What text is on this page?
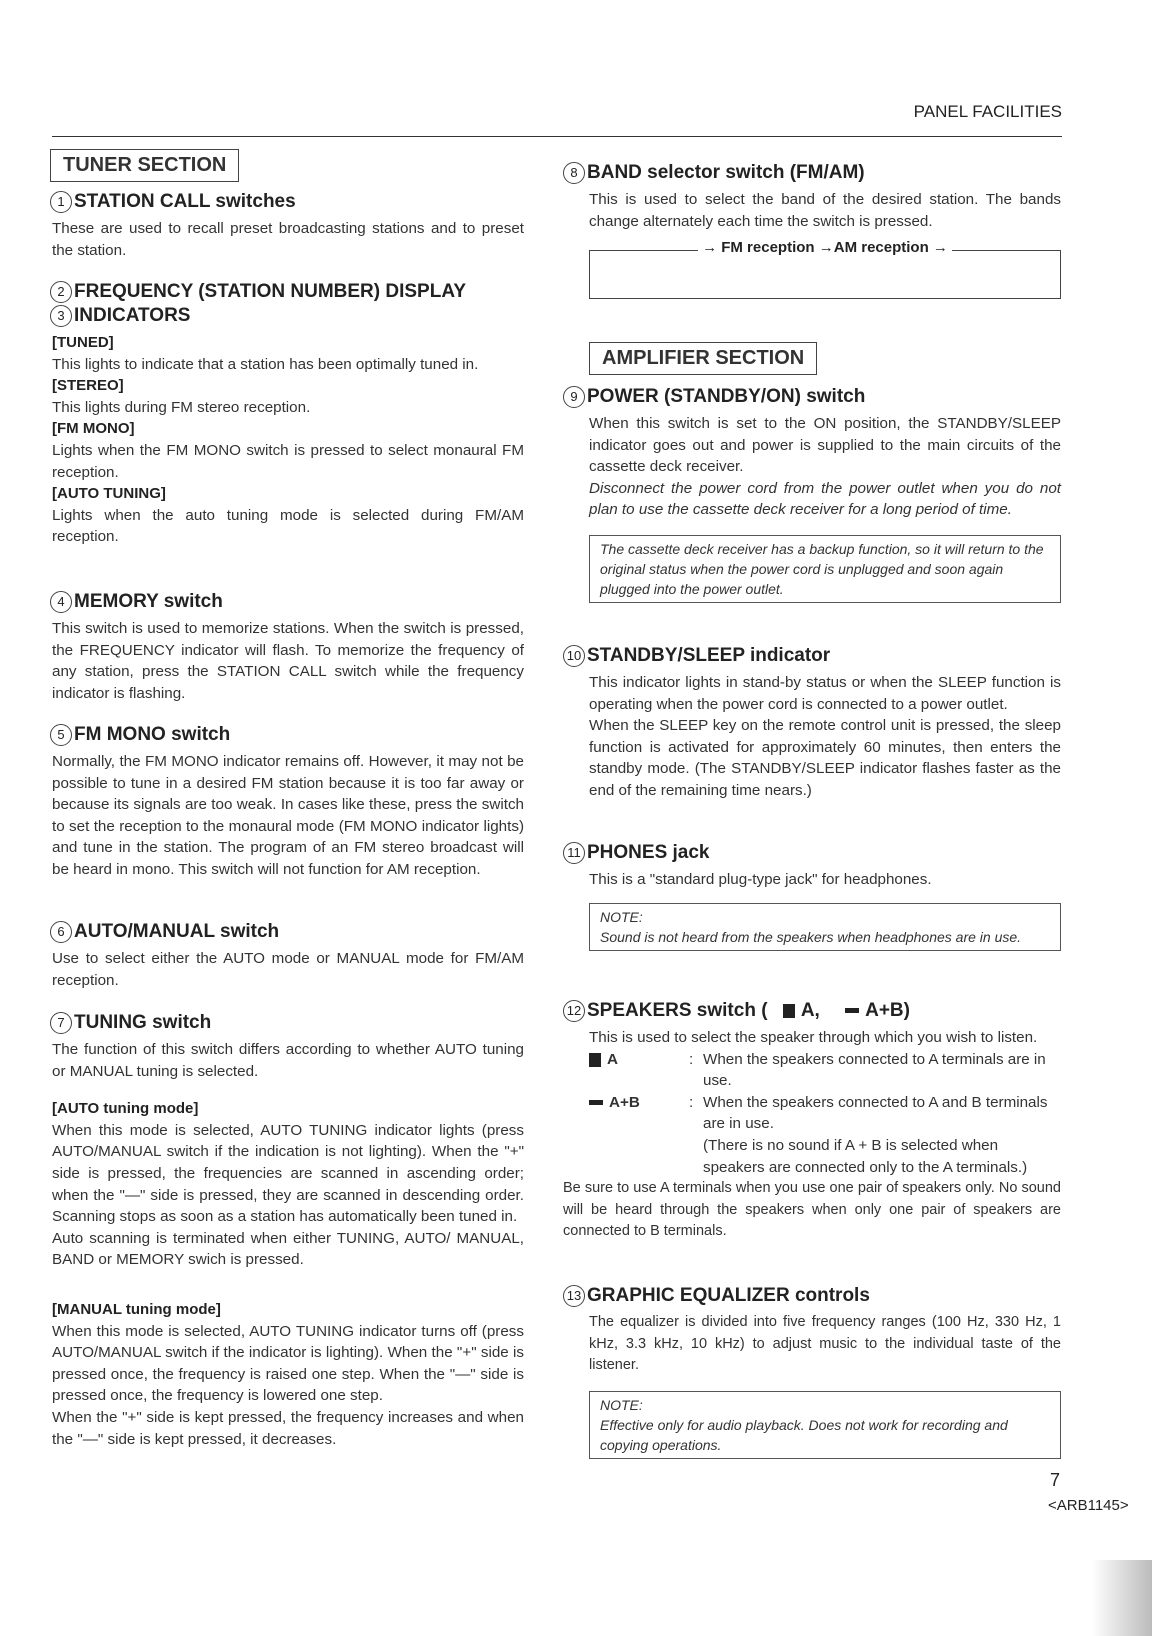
PANEL FACILITIES
TUNER SECTION

1 STATION CALL switches

These are used to recall preset broadcasting stations and to preset the station.

2 FREQUENCY (STATION NUMBER) DISPLAY

3 INDICATORS

[TUNED]
This lights to indicate that a station has been optimally tuned in.
[STEREO]
This lights during FM stereo reception.
[FM MONO]
Lights when the FM MONO switch is pressed to select monaural FM reception.
[AUTO TUNING]
Lights when the auto tuning mode is selected during FM/AM reception.

4 MEMORY switch

This switch is used to memorize stations. When the switch is pressed, the FREQUENCY indicator will flash. To memorize the frequency of any station, press the STATION CALL switch while the frequency indicator is flashing.

5 FM MONO switch

Normally, the FM MONO indicator remains off. However, it may not be possible to tune in a desired FM station because it is too far away or because its signals are too weak. In cases like these, press the switch to set the reception to the monaural mode (FM MONO indicator lights) and tune in the station. The program of an FM stereo broadcast will be heard in mono. This switch will not function for AM reception.

6 AUTO/MANUAL switch

Use to select either the AUTO mode or MANUAL mode for FM/AM reception.

7 TUNING switch

The function of this switch differs according to whether AUTO tuning or MANUAL tuning is selected.

[AUTO tuning mode]
When this mode is selected, AUTO TUNING indicator lights (press AUTO/MANUAL switch if the indication is not lighting). When the "+" side is pressed, the frequencies are scanned in ascending order; when the "—" side is pressed, they are scanned in descending order. Scanning stops as soon as a station has automatically been tuned in.
Auto scanning is terminated when either TUNING, AUTO/ MANUAL, BAND or MEMORY swich is pressed.
[MANUAL tuning mode]
When this mode is selected, AUTO TUNING indicator turns off (press AUTO/MANUAL switch if the indicator is lighting). When the "+" side is pressed once, the frequency is raised one step. When the "—" side is pressed once, the frequency is lowered one step.
When the "+" side is kept pressed, the frequency increases and when the "—" side is kept pressed, it decreases.

8 BAND selector switch (FM/AM)

This is used to select the band of the desired station. The bands change alternately each time the switch is pressed.

→ FM reception →AM reception →
AMPLIFIER SECTION

9 POWER (STANDBY/ON) switch

When this switch is set to the ON position, the STANDBY/SLEEP indicator goes out and power is supplied to the main circuits of the cassette deck receiver.

Disconnect the power cord from the power outlet when you do not plan to use the cassette deck receiver for a long period of time.

The cassette deck receiver has a backup function, so it will return to the original status when the power cord is unplugged and soon again plugged into the power outlet.

10 STANDBY/SLEEP indicator

This indicator lights in stand-by status or when the SLEEP function is operating when the power cord is connected to a power outlet.

When the SLEEP key on the remote control unit is pressed, the sleep function is activated for approximately 60 minutes, then enters the standby mode. (The STANDBY/SLEEP indicator flashes faster as the end of the remaining time nears.)

11 PHONES jack

This is a "standard plug-type jack" for headphones.

NOTE:
Sound is not heard from the speakers when headphones are in use.

12 SPEAKERS switch ( A, A+B)

This is used to select the speaker through which you wish to listen.

A	: When the speakers connected to A terminals are in use.
A+B	: When the speakers connected to A and B terminals are in use.
(There is no sound if A + B is selected when speakers are connected only to the A terminals.)

Be sure to use A terminals when you use one pair of speakers only. No sound will be heard through the speakers when only one pair of speakers are connected to B terminals.

13 GRAPHIC EQUALIZER controls

The equalizer is divided into five frequency ranges (100 Hz, 330 Hz, 1 kHz, 3.3 kHz, 10 kHz) to adjust music to the individual taste of the listener.

NOTE:
Effective only for audio playback. Does not work for recording and copying operations.
7
<ARB1145>
